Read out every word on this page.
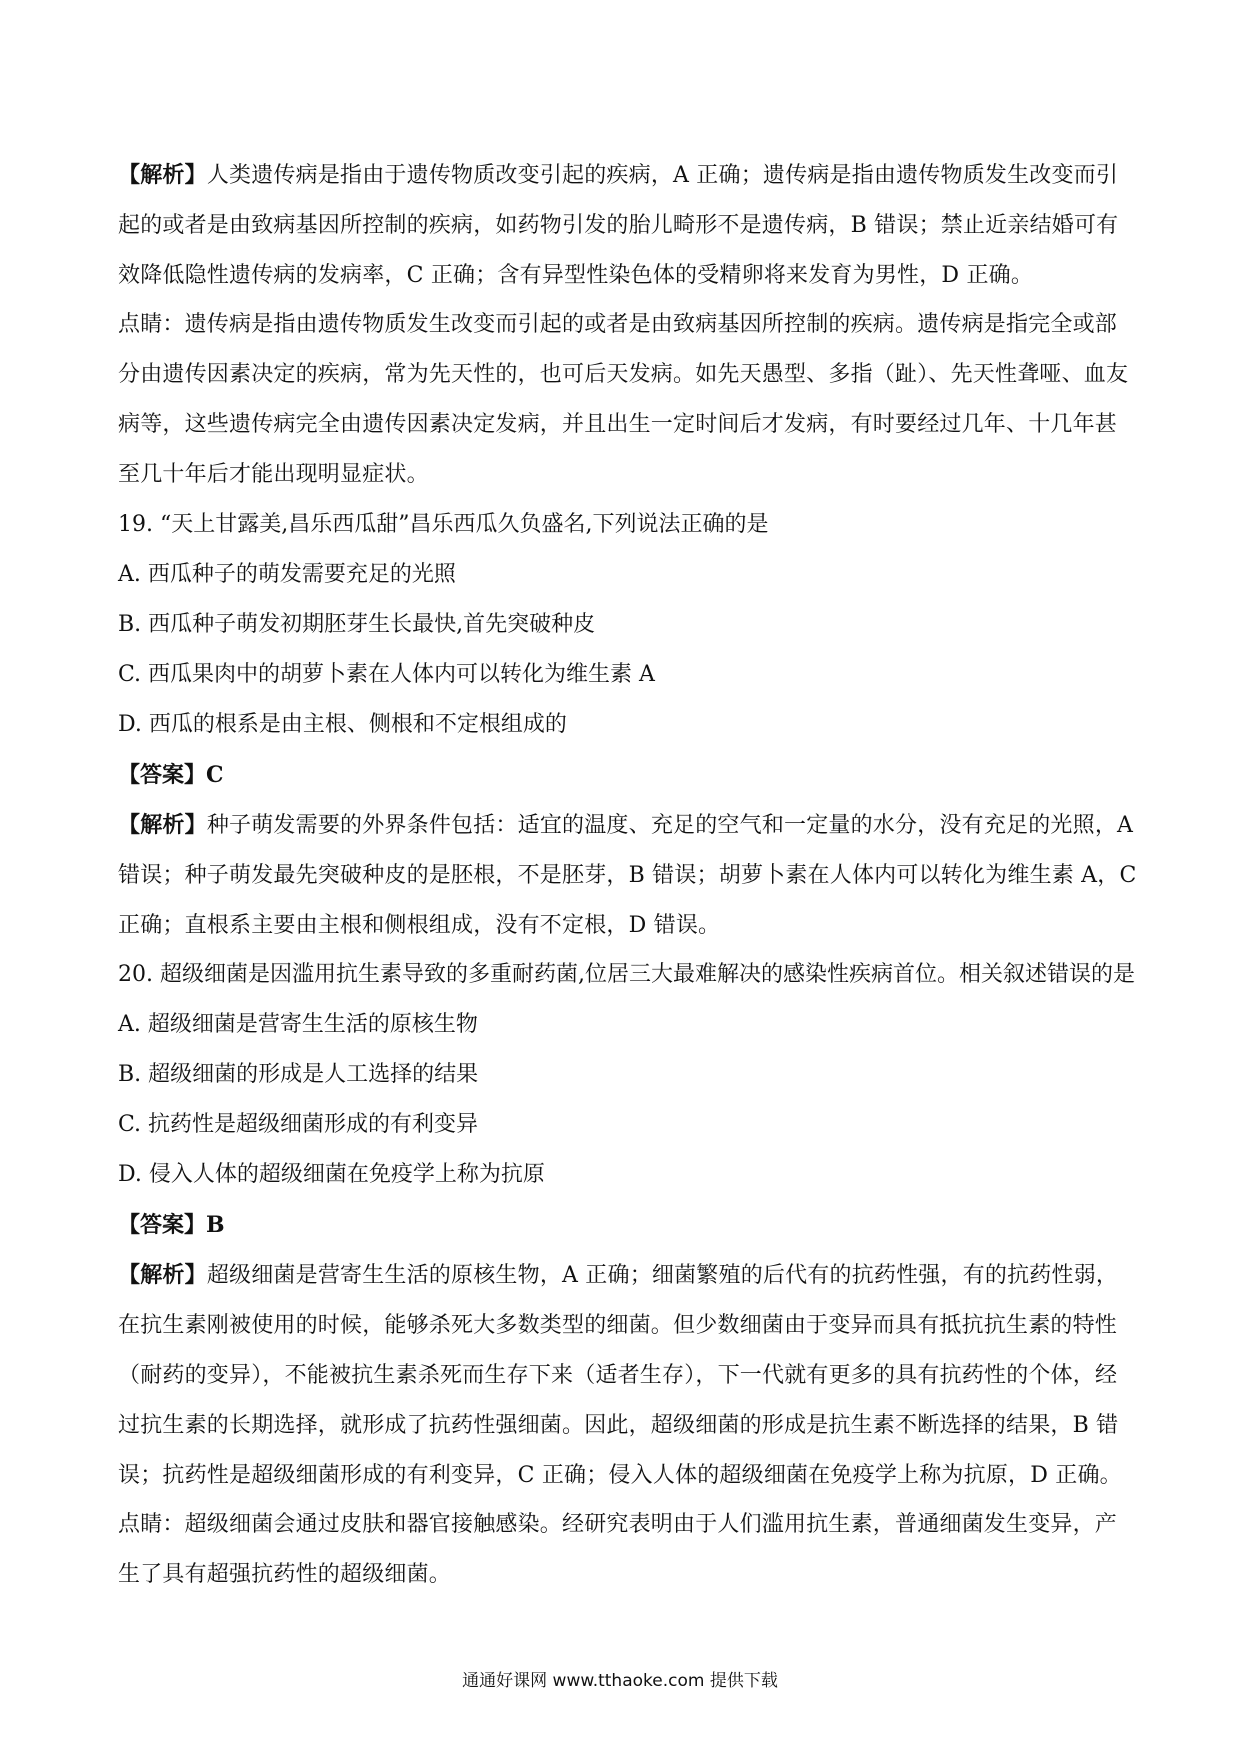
【解析】人类遗传病是指由于遗传物质改变引起的疾病，A 正确；遗传病是指由遗传物质发生改变而引起的或者是由致病基因所控制的疾病，如药物引发的胎儿畸形不是遗传病，B 错误；禁止近亲结婚可有效降低隐性遗传病的发病率，C 正确；含有异型性染色体的受精卵将来发育为男性，D 正确。
点睛：遗传病是指由遗传物质发生改变而引起的或者是由致病基因所控制的疾病。遗传病是指完全或部分由遗传因素决定的疾病，常为先天性的，也可后天发病。如先天愚型、多指（趾）、先天性聋哑、血友病等，这些遗传病完全由遗传因素决定发病，并且出生一定时间后才发病，有时要经过几年、十几年甚至几十年后才能出现明显症状。
19. “天上甘露美,昌乐西瓜甜”昌乐西瓜久负盛名,下列说法正确的是
A. 西瓜种子的萌发需要充足的光照
B. 西瓜种子萌发初期胚芽生长最快,首先突破种皮
C. 西瓜果肉中的胡萝卜素在人体内可以转化为维生素 A
D. 西瓜的根系是由主根、侧根和不定根组成的
【答案】C
【解析】种子萌发需要的外界条件包括：适宜的温度、充足的空气和一定量的水分，没有充足的光照，A 错误；种子萌发最先突破种皮的是胚根，不是胚芽，B 错误；胡萝卜素在人体内可以转化为维生素 A，C 正确；直根系主要由主根和侧根组成，没有不定根，D 错误。
20. 超级细菌是因滥用抗生素导致的多重耐药菌,位居三大最难解决的感染性疾病首位。相关叙述错误的是
A. 超级细菌是营寄生生活的原核生物
B. 超级细菌的形成是人工选择的结果
C. 抗药性是超级细菌形成的有利变异
D. 侵入人体的超级细菌在免疫学上称为抗原
【答案】B
【解析】超级细菌是营寄生生活的原核生物，A 正确；细菌繁殖的后代有的抗药性强，有的抗药性弱，在抗生素刚被使用的时候，能够杀死大多数类型的细菌。但少数细菌由于变异而具有抵抗抗生素的特性（耐药的变异），不能被抗生素杀死而生存下来（适者生存），下一代就有更多的具有抗药性的个体，经过抗生素的长期选择，就形成了抗药性强细菌。因此，超级细菌的形成是抗生素不断选择的结果，B 错误；抗药性是超级细菌形成的有利变异，C 正确；侵入人体的超级细菌在免疫学上称为抗原，D 正确。
点睛：超级细菌会通过皮肤和器官接触感染。经研究表明由于人们滥用抗生素，普通细菌发生变异，产生了具有超强抗药性的超级细菌。
通通好课网 www.tthaoke.com 提供下载
